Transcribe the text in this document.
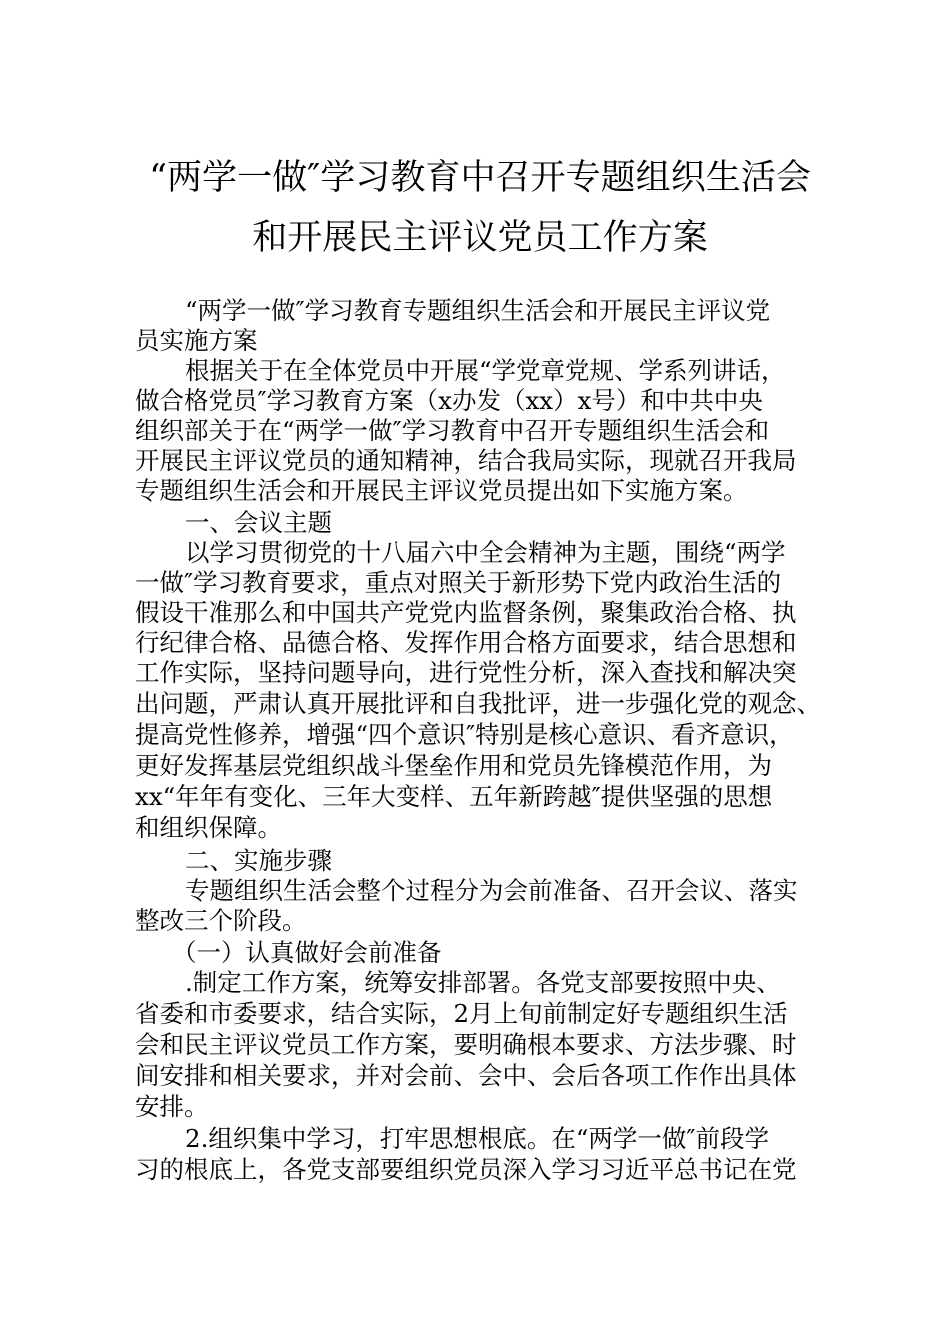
“两学一做″学习教育中召开专题组织生活会
和开展民主评议党员工作方案
“两学一做″学习教育专题组织生活会和开展民主评议党
员实施方案
根据关于在全体党员中开展“学党章党规、学系列讲话，
做合格党员″学习教育方案（x办发（xx）x号）和中共中央
组织部关于在“两学一做″学习教育中召开专题组织生活会和
开展民主评议党员的通知精神，结合我局实际，现就召开我局
专题组织生活会和开展民主评议党员提出如下实施方案。
一、会议主题
以学习贯彻党的十八届六中全会精神为主题，围绕“两学
一做″学习教育要求，重点对照关于新形势下党内政治生活的
假设干准那么和中国共产党党内监督条例，聚集政治合格、执
行纪律合格、品德合格、发挥作用合格方面要求，结合思想和
工作实际，坚持问题导向，进行党性分析，深入查找和解决突
出问题，严肃认真开展批评和自我批评，进一步强化党的观念、
提高党性修养，增强“四个意识″特别是核心意识、看齐意识，
更好发挥基层党组织战斗堡垒作用和党员先锋模范作用，为
xx“年年有变化、三年大变样、五年新跨越″提供坚强的思想
和组织保障。
二、实施步骤
专题组织生活会整个过程分为会前准备、召开会议、落实
整改三个阶段。
（一）认真做好会前准备
.制定工作方案，统筹安排部署。各党支部要按照中央、
省委和市委要求，结合实际，2月上旬前制定好专题组织生活
会和民主评议党员工作方案，要明确根本要求、方法步骤、时
间安排和相关要求，并对会前、会中、会后各项工作作出具体
安排。
2.组织集中学习，打牢思想根底。在“两学一做″前段学
习的根底上，各党支部要组织党员深入学习习近平总书记在党
